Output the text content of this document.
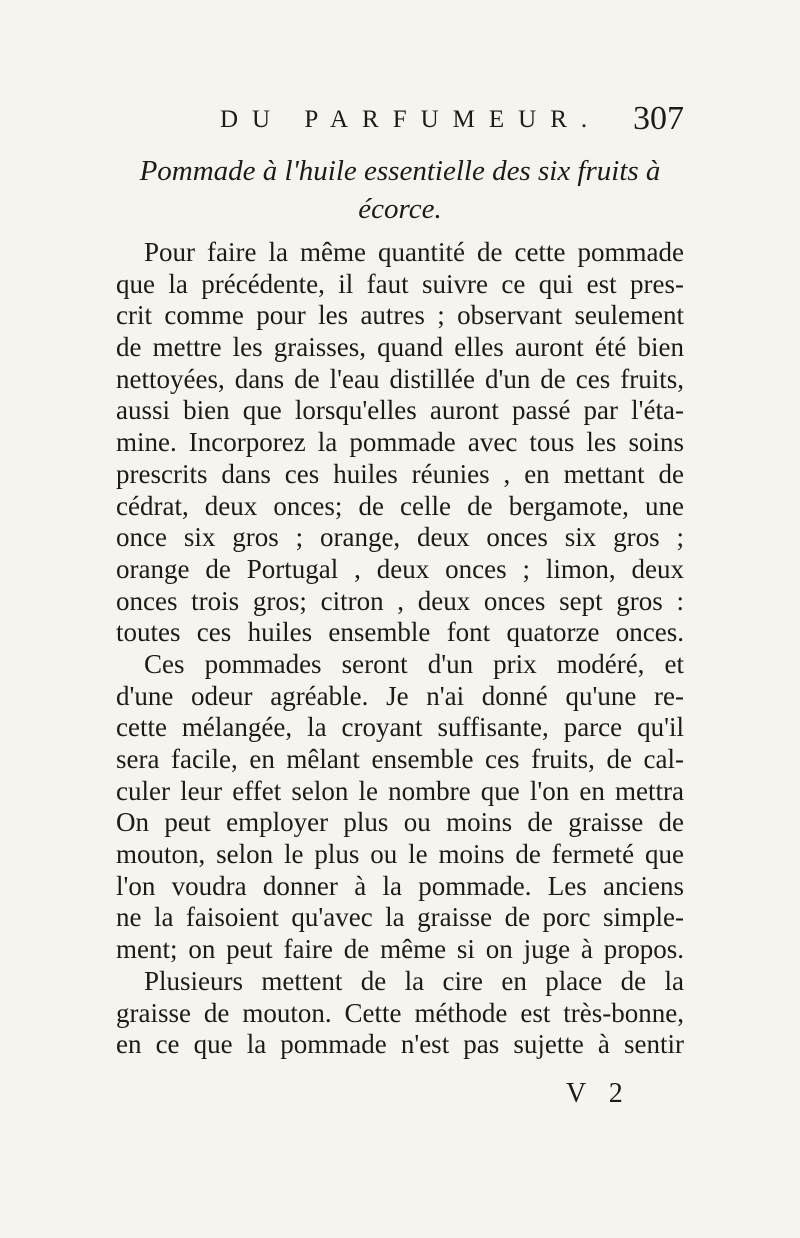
DU PARFUMEUR. 307
Pommade à l'huile essentielle des six fruits à
écorce.
Pour faire la même quantité de cette pommade
que la précédente, il faut suivre ce qui est pres-
crit comme pour les autres ; observant seulement
de mettre les graisses, quand elles auront été bien
nettoyées, dans de l'eau distillée d'un de ces fruits,
aussi bien que lorsqu'elles auront passé par l'éta-
mine. Incorporez la pommade avec tous les soins
prescrits dans ces huiles réunies , en mettant de
cédrat, deux onces; de celle de bergamote, une
once six gros ; orange, deux onces six gros ;
orange de Portugal , deux onces ; limon, deux
onces trois gros; citron , deux onces sept gros :
toutes ces huiles ensemble font quatorze onces.
Ces pommades seront d'un prix modéré, et
d'une odeur agréable. Je n'ai donné qu'une re-
cette mélangée, la croyant suffisante, parce qu'il
sera facile, en mêlant ensemble ces fruits, de cal-
culer leur effet selon le nombre que l'on en mettra
On peut employer plus ou moins de graisse de
mouton, selon le plus ou le moins de fermeté que
l'on voudra donner à la pommade. Les anciens
ne la faisoient qu'avec la graisse de porc simple-
ment; on peut faire de même si on juge à propos.
Plusieurs mettent de la cire en place de la
graisse de mouton. Cette méthode est très-bonne,
en ce que la pommade n'est pas sujette à sentir
V 2
